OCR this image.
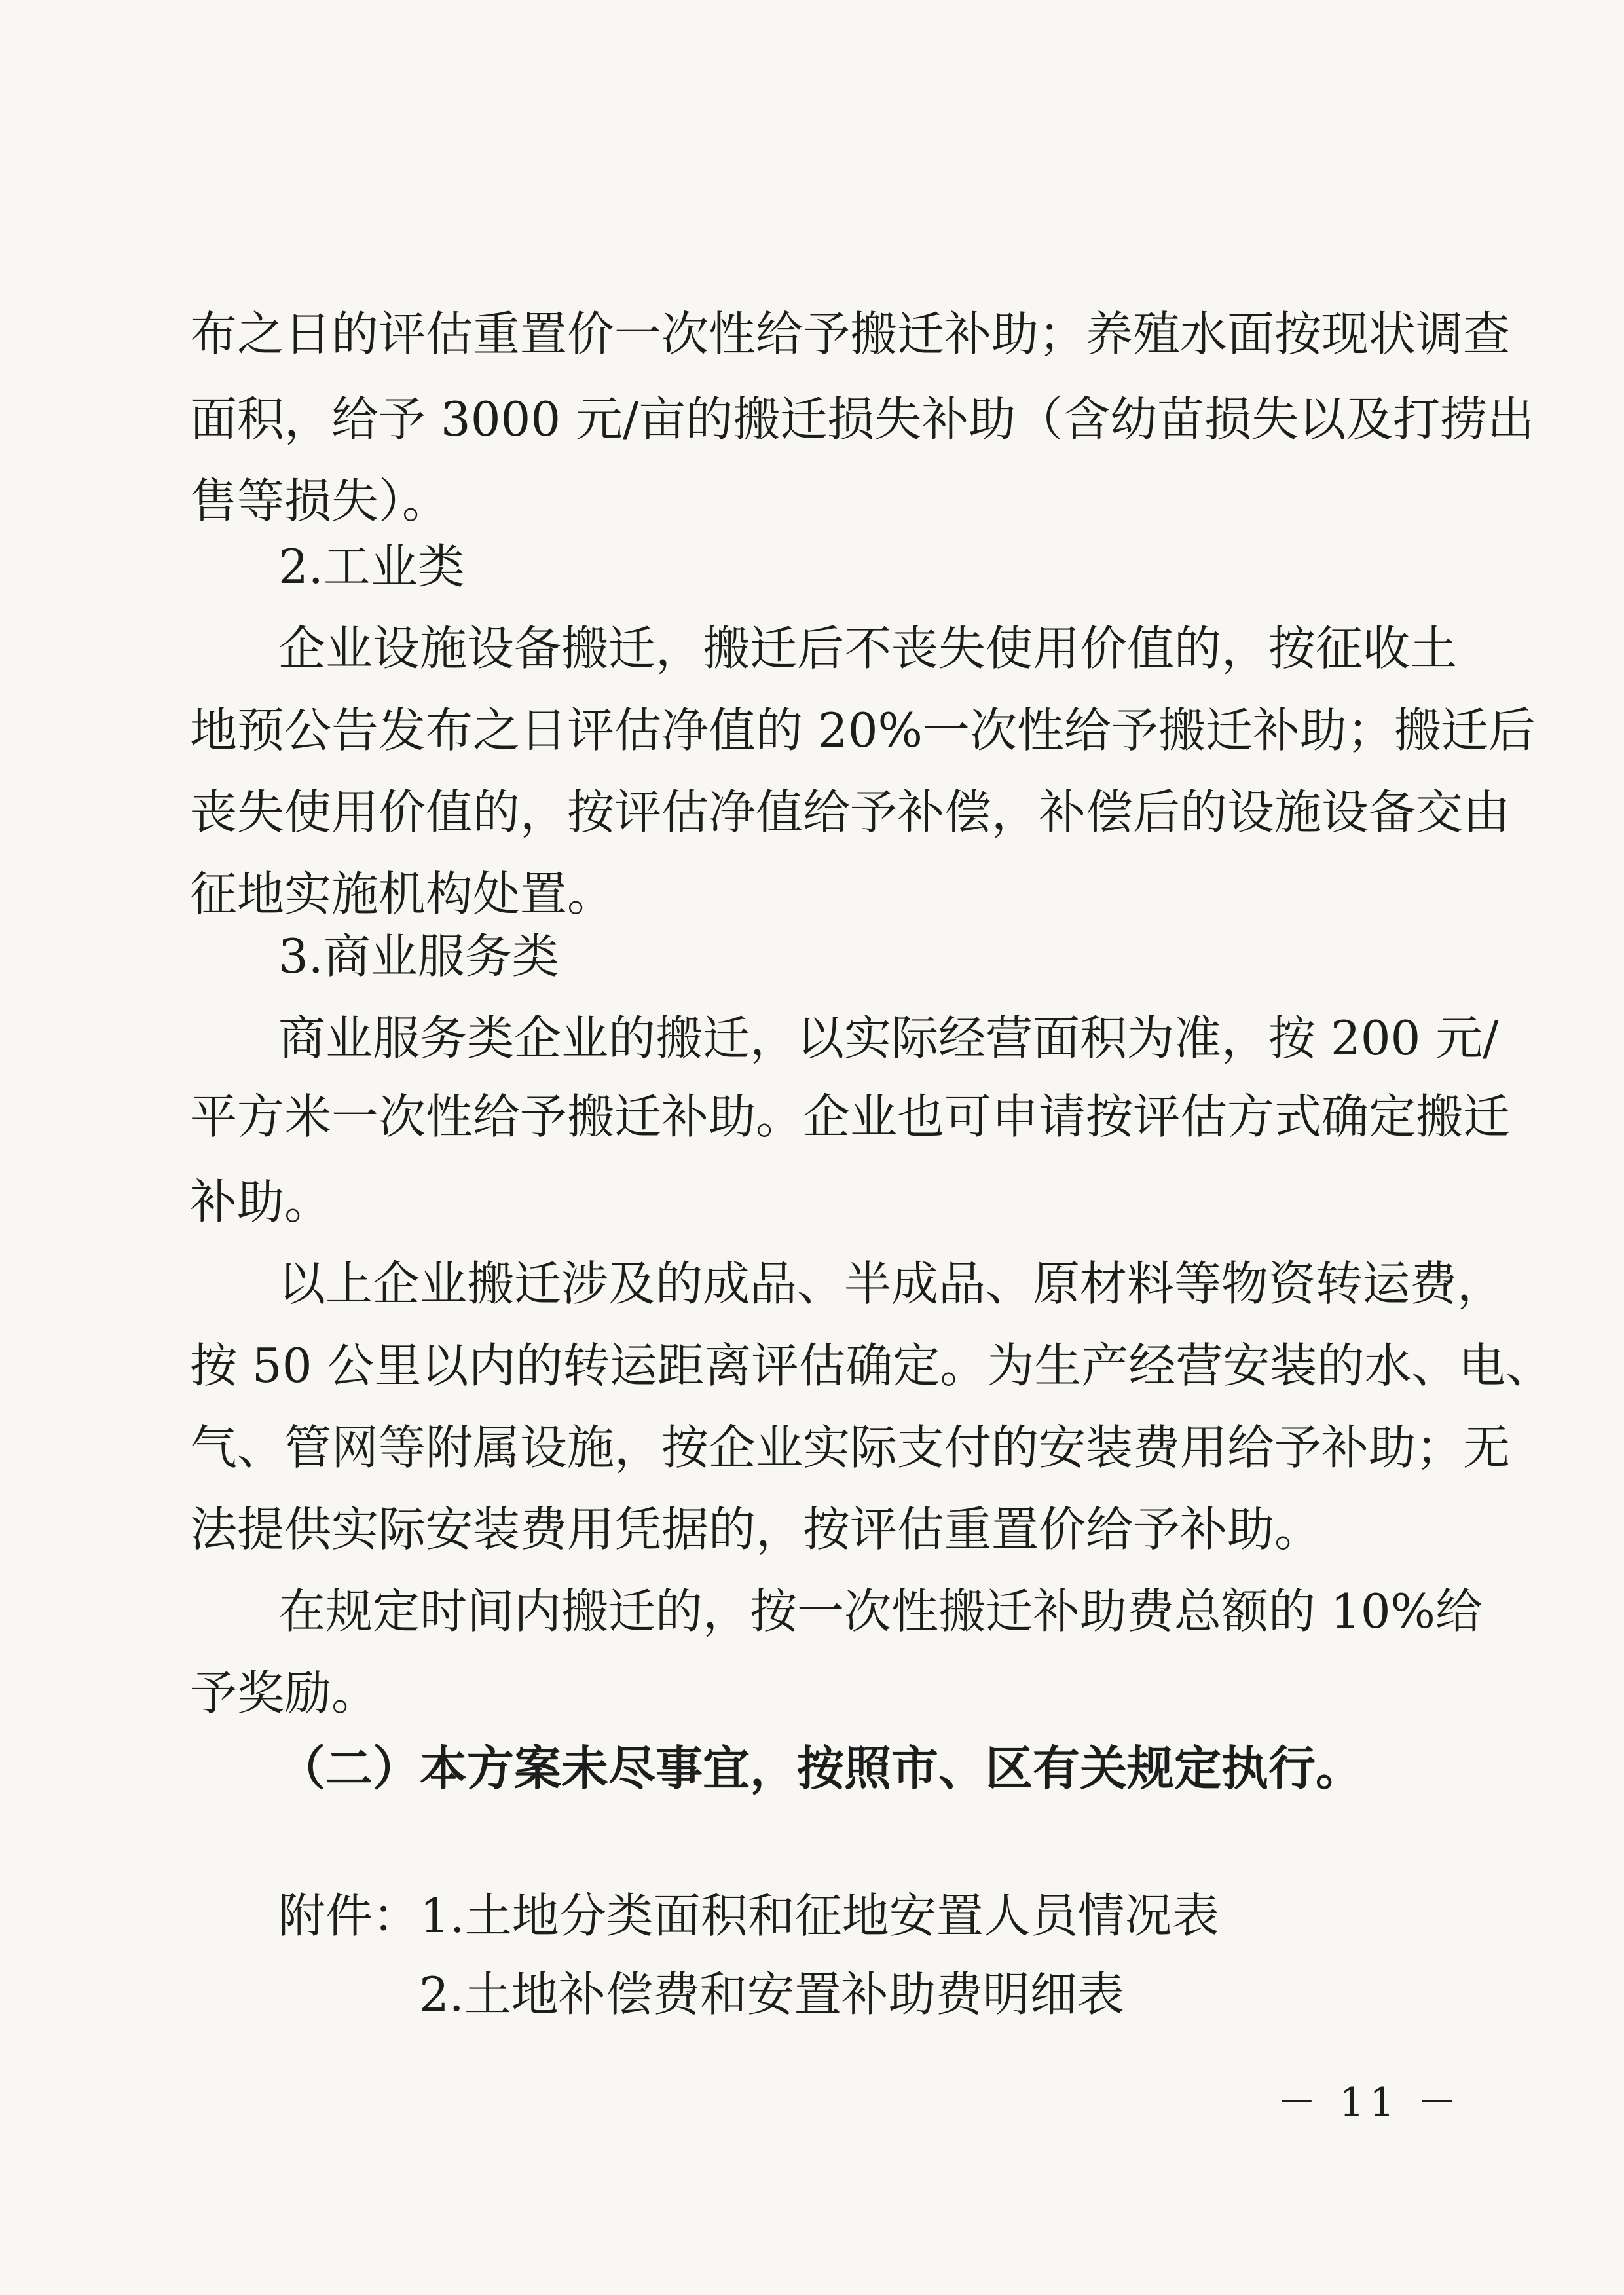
布之日的评估重置价一次性给予搬迁补助；养殖水面按现状调查
面积，给予 3000 元/亩的搬迁损失补助（含幼苗损失以及打捞出
售等损失）。
2.工业类
企业设施设备搬迁，搬迁后不丧失使用价值的，按征收土
地预公告发布之日评估净值的 20%一次性给予搬迁补助；搬迁后
丧失使用价值的，按评估净值给予补偿，补偿后的设施设备交由
征地实施机构处置。
3.商业服务类
商业服务类企业的搬迁，以实际经营面积为准，按 200 元/
平方米一次性给予搬迁补助。企业也可申请按评估方式确定搬迁
补助。
以上企业搬迁涉及的成品、半成品、原材料等物资转运费，
按 50 公里以内的转运距离评估确定。为生产经营安装的水、电、
气、管网等附属设施，按企业实际支付的安装费用给予补助；无
法提供实际安装费用凭据的，按评估重置价给予补助。
在规定时间内搬迁的，按一次性搬迁补助费总额的 10%给
予奖励。
（二）本方案未尽事宜，按照市、区有关规定执行。
附件：1.土地分类面积和征地安置人员情况表
2.土地补偿费和安置补助费明细表
－ 11 －
